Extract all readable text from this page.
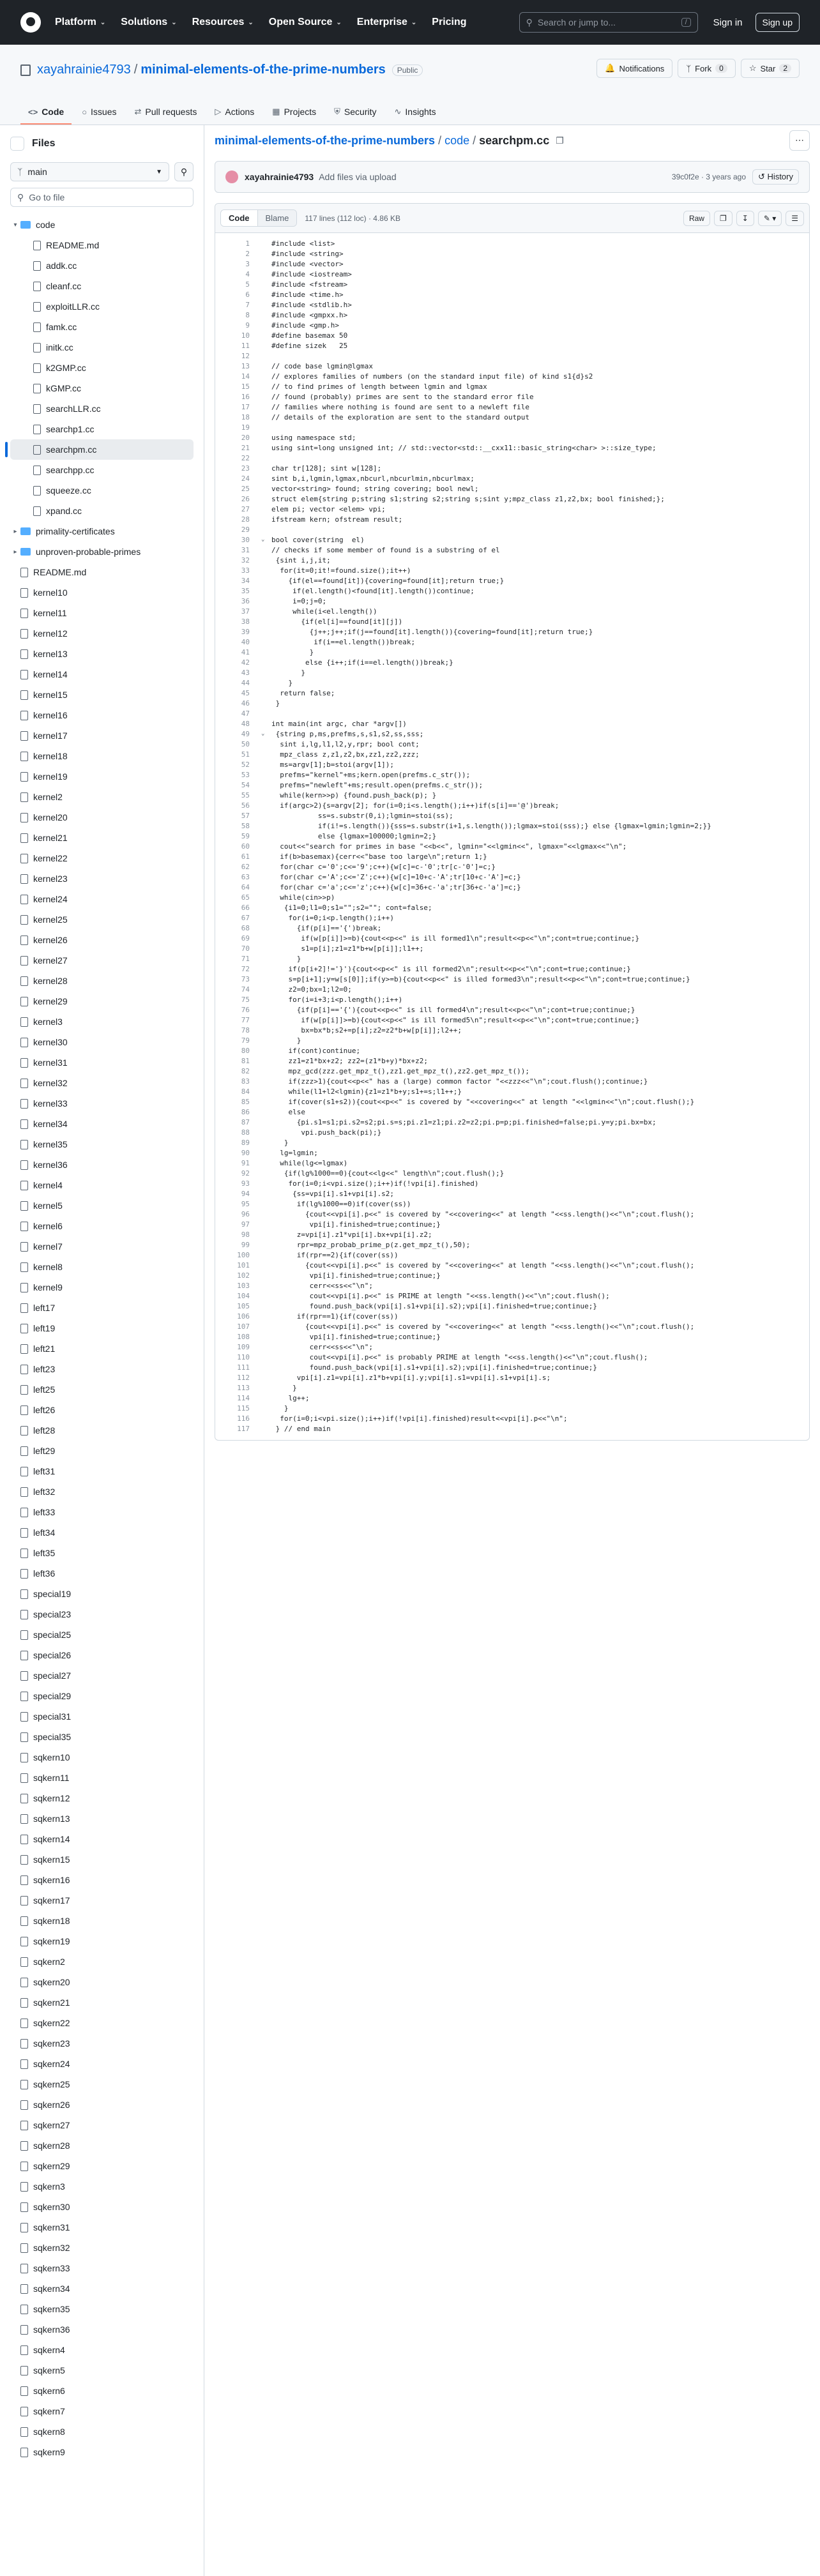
Platform ⌄ Solutions ⌄ Resources ⌄ Open Source ⌄ Enterprise ⌄ Pricing	⚲ Search or jump to...	/	Sign in	Sign up
xayahrainie4793 / minimal-elements-of-the-prime-numbers	Public	🔔 Notifications	ᛉ Fork	0	☆ Star	2
<> Code ○ Issues ⇄ Pull requests ▷ Actions ▦ Projects ⛨ Security ∿ Insights
Files
ᛉ main	▼	⚲
⚲ Go to file
▾	code
README.md
addk.cc
cleanf.cc
exploitLLR.cc
famk.cc
initk.cc
k2GMP.cc
kGMP.cc
searchLLR.cc
searchp1.cc
searchpm.cc
searchpp.cc
squeeze.cc
xpand.cc
▸	primality-certificates
▸	unproven-probable-primes
README.md
kernel10
kernel11
kernel12
kernel13
kernel14
kernel15
kernel16
kernel17
kernel18
kernel19
kernel2
kernel20
kernel21
kernel22
kernel23
kernel24
kernel25
kernel26
kernel27
kernel28
kernel29
kernel3
kernel30
kernel31
kernel32
kernel33
kernel34
kernel35
kernel36
kernel4
kernel5
kernel6
kernel7
kernel8
kernel9
left17
left19
left21
left23
left25
left26
left28
left29
left31
left32
left33
left34
left35
left36
special19
special23
special25
special26
special27
special29
special31
special35
sqkern10
sqkern11
sqkern12
sqkern13
sqkern14
sqkern15
sqkern16
sqkern17
sqkern18
sqkern19
sqkern2
sqkern20
sqkern21
sqkern22
sqkern23
sqkern24
sqkern25
sqkern26
sqkern27
sqkern28
sqkern29
sqkern3
sqkern30
sqkern31
sqkern32
sqkern33
sqkern34
sqkern35
sqkern36
sqkern4
sqkern5
sqkern6
sqkern7
sqkern8
sqkern9
minimal-elements-of-the-prime-numbers / code / searchpm.cc ❐	⋯
xayahrainie4793 Add files via upload	39c0f2e · 3 years ago	↺ History
Code	Blame	117 lines (112 loc) · 4.86 KB	Raw	❐	↧	✎ ▾	☰
1	#include <list>
2	#include <string>
3	#include <vector>
4	#include <iostream>
5	#include <fstream>
6	#include <time.h>
7	#include <stdlib.h>
8	#include <gmpxx.h>
9	#include <gmp.h>
10	#define basemax 50
11	#define sizek   25
12
13	// code base lgmin@lgmax
14	// explores families of numbers (on the standard input file) of kind s1{d}s2
15	// to find primes of length between lgmin and lgmax
16	// found (probably) primes are sent to the standard error file
17	// families where nothing is found are sent to a newleft file
18	// details of the exploration are sent to the standard output
19
20	using namespace std;
21	using sint=long unsigned int; // std::vector<std::__cxx11::basic_string<char> >::size_type;
22
23	char tr[128]; sint w[128];
24	sint b,i,lgmin,lgmax,nbcurl,nbcurlmin,nbcurlmax;
25	vector<string> found; string covering; bool newl;
26	struct elem{string p;string s1;string s2;string s;sint y;mpz_class z1,z2,bx; bool finished;};
27	elem pi; vector <elem> vpi;
28	ifstream kern; ofstream result;
29
30	⌄ bool cover(string  el)
31	// checks if some member of found is a substring of el
32	{sint i,j,it;
33	for(it=0;it!=found.size();it++)
34	{if(el==found[it]){covering=found[it];return true;}
35	if(el.length()<found[it].length())continue;
36	i=0;j=0;
37	while(i<el.length())
38	{if(el[i]==found[it][j])
39	{j++;j++;if(j==found[it].length()){covering=found[it];return true;}
40	if(i==el.length())break;
41	}
42	else {i++;if(i==el.length())break;}
43	}
44	}
45	return false;
46	}
47
48	int main(int argc, char *argv[])
49	⌄ {string p,ms,prefms,s,s1,s2,ss,sss;
50	sint i,lg,l1,l2,y,rpr; bool cont;
51	mpz_class z,z1,z2,bx,zz1,zz2,zzz;
52	ms=argv[1];b=stoi(argv[1]);
53	prefms="kernel"+ms;kern.open(prefms.c_str());
54	prefms="newleft"+ms;result.open(prefms.c_str());
55	while(kern>>p) {found.push_back(p); }
56	if(argc>2){s=argv[2]; for(i=0;i<s.length();i++)if(s[i]=='@')break;
57	ss=s.substr(0,i);lgmin=stoi(ss);
58	if(i!=s.length()){sss=s.substr(i+1,s.length());lgmax=stoi(sss);} else {lgmax=lgmin;lgmin=2;}}
59	else {lgmax=100000;lgmin=2;}
60	cout<<"search for primes in base "<<b<<", lgmin="<<lgmin<<", lgmax="<<lgmax<<"\n";
61	if(b>basemax){cerr<<"base too large\n";return 1;}
62	for(char c='0';c<='9';c++){w[c]=c-'0';tr[c-'0']=c;}
63	for(char c='A';c<='Z';c++){w[c]=10+c-'A';tr[10+c-'A']=c;}
64	for(char c='a';c<='z';c++){w[c]=36+c-'a';tr[36+c-'a']=c;}
65	while(cin>>p)
66	{i1=0;l1=0;s1="";s2=""; cont=false;
67	for(i=0;i<p.length();i++)
68	{if(p[i]=='{')break;
69	if(w[p[i]]>=b){cout<<p<<" is ill formed1\n";result<<p<<"\n";cont=true;continue;}
70	s1=p[i];z1=z1*b+w[p[i]];l1++;
71	}
72	if(p[i+2]!='}'){cout<<p<<" is ill formed2\n";result<<p<<"\n";cont=true;continue;}
73	s=p[i+1];y=w[s[0]];if(y>=b){cout<<p<<" is illed formed3\n";result<<p<<"\n";cont=true;continue;}
74	z2=0;bx=1;l2=0;
75	for(i=i+3;i<p.length();i++)
76	{if(p[i]=='{'){cout<<p<<" is ill formed4\n";result<<p<<"\n";cont=true;continue;}
77	if(w[p[i]]>=b){cout<<p<<" is ill formed5\n";result<<p<<"\n";cont=true;continue;}
78	bx=bx*b;s2+=p[i];z2=z2*b+w[p[i]];l2++;
79	}
80	if(cont)continue;
81	zz1=z1*bx+z2; zz2=(z1*b+y)*bx+z2;
82	mpz_gcd(zzz.get_mpz_t(),zz1.get_mpz_t(),zz2.get_mpz_t());
83	if(zzz>1){cout<<p<<" has a (large) common factor "<<zzz<<"\n";cout.flush();continue;}
84	while(l1+l2<lgmin){z1=z1*b+y;s1+=s;l1++;}
85	if(cover(s1+s2)){cout<<p<<" is covered by "<<covering<<" at length "<<lgmin<<"\n";cout.flush();}
86	else
87	{pi.s1=s1;pi.s2=s2;pi.s=s;pi.z1=z1;pi.z2=z2;pi.p=p;pi.finished=false;pi.y=y;pi.bx=bx;
88	vpi.push_back(pi);}
89	}
90	lg=lgmin;
91	while(lg<=lgmax)
92	{if(lg%1000==0){cout<<lg<<" length\n";cout.flush();}
93	for(i=0;i<vpi.size();i++)if(!vpi[i].finished)
94	{ss=vpi[i].s1+vpi[i].s2;
95	if(lg%1000==0)if(cover(ss))
96	{cout<<vpi[i].p<<" is covered by "<<covering<<" at length "<<ss.length()<<"\n";cout.flush();
97	vpi[i].finished=true;continue;}
98	z=vpi[i].z1*vpi[i].bx+vpi[i].z2;
99	rpr=mpz_probab_prime_p(z.get_mpz_t(),50);
100	if(rpr==2){if(cover(ss))
101	{cout<<vpi[i].p<<" is covered by "<<covering<<" at length "<<ss.length()<<"\n";cout.flush();
102	vpi[i].finished=true;continue;}
103	cerr<<ss<<"\n";
104	cout<<vpi[i].p<<" is PRIME at length "<<ss.length()<<"\n";cout.flush();
105	found.push_back(vpi[i].s1+vpi[i].s2);vpi[i].finished=true;continue;}
106	if(rpr==1){if(cover(ss))
107	{cout<<vpi[i].p<<" is covered by "<<covering<<" at length "<<ss.length()<<"\n";cout.flush();
108	vpi[i].finished=true;continue;}
109	cerr<<ss<<"\n";
110	cout<<vpi[i].p<<" is probably PRIME at length "<<ss.length()<<"\n";cout.flush();
111	found.push_back(vpi[i].s1+vpi[i].s2);vpi[i].finished=true;continue;}
112	vpi[i].z1=vpi[i].z1*b+vpi[i].y;vpi[i].s1=vpi[i].s1+vpi[i].s;
113	}
114	lg++;
115	}
116	for(i=0;i<vpi.size();i++)if(!vpi[i].finished)result<<vpi[i].p<<"\n";
117	} // end main
